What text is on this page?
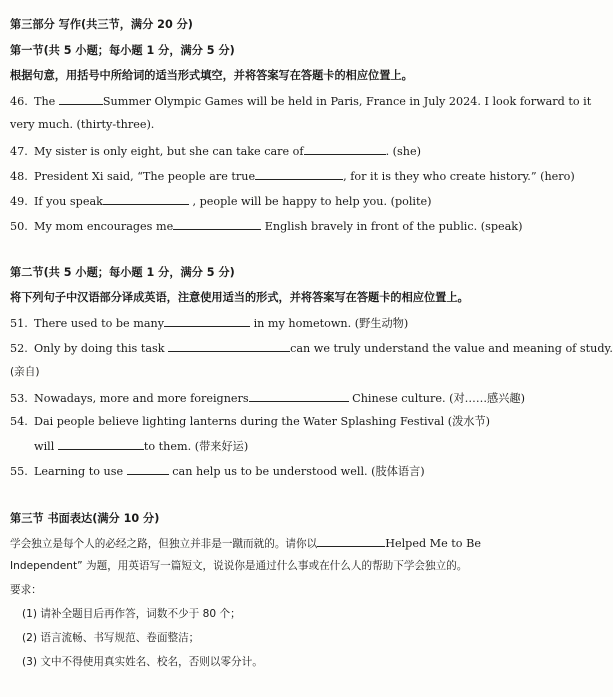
第三部分 写作(共三节，满分 20 分)
第一节(共 5 小题；每小题 1 分，满分 5 分)
根据句意，用括号中所给词的适当形式填空，并将答案写在答题卡的相应位置上。
46. The	Summer Olympic Games will be held in Paris, France in July 2024. I look forward to it
very much. (thirty-three).
47. My sister is only eight, but she can take care of	. (she)
48. President Xi said, “The people are true	, for it is they who create history.” (hero)
49. If you speak	, people will be happy to help you. (polite)
50. My mom encourages me	English bravely in front of the public. (speak)
第二节(共 5 小题；每小题 1 分，满分 5 分)
将下列句子中汉语部分译成英语，注意使用适当的形式，并将答案写在答题卡的相应位置上。
51. There used to be many	in my hometown. (野生动物)
52. Only by doing this task	can we truly understand the value and meaning of study.
(亲自)
53. Nowadays, more and more foreigners	Chinese culture. (对……感兴趣)
54. Dai people believe lighting lanterns during the Water Splashing Festival (泼水节)
will	to them. (带来好运)
55. Learning to use	can help us to be understood well. (肢体语言)
第三节 书面表达(满分 10 分)
学会独立是每个人的必经之路，但独立并非是一蹴而就的。请你以	Helped Me to Be
Independent” 为题，用英语写一篇短文，说说你是通过什么事或在什么人的帮助下学会独立的。
要求：
(1) 请补全题目后再作答，词数不少于 80 个；
(2) 语言流畅、书写规范、卷面整洁；
(3) 文中不得使用真实姓名、校名，否则以零分计。
